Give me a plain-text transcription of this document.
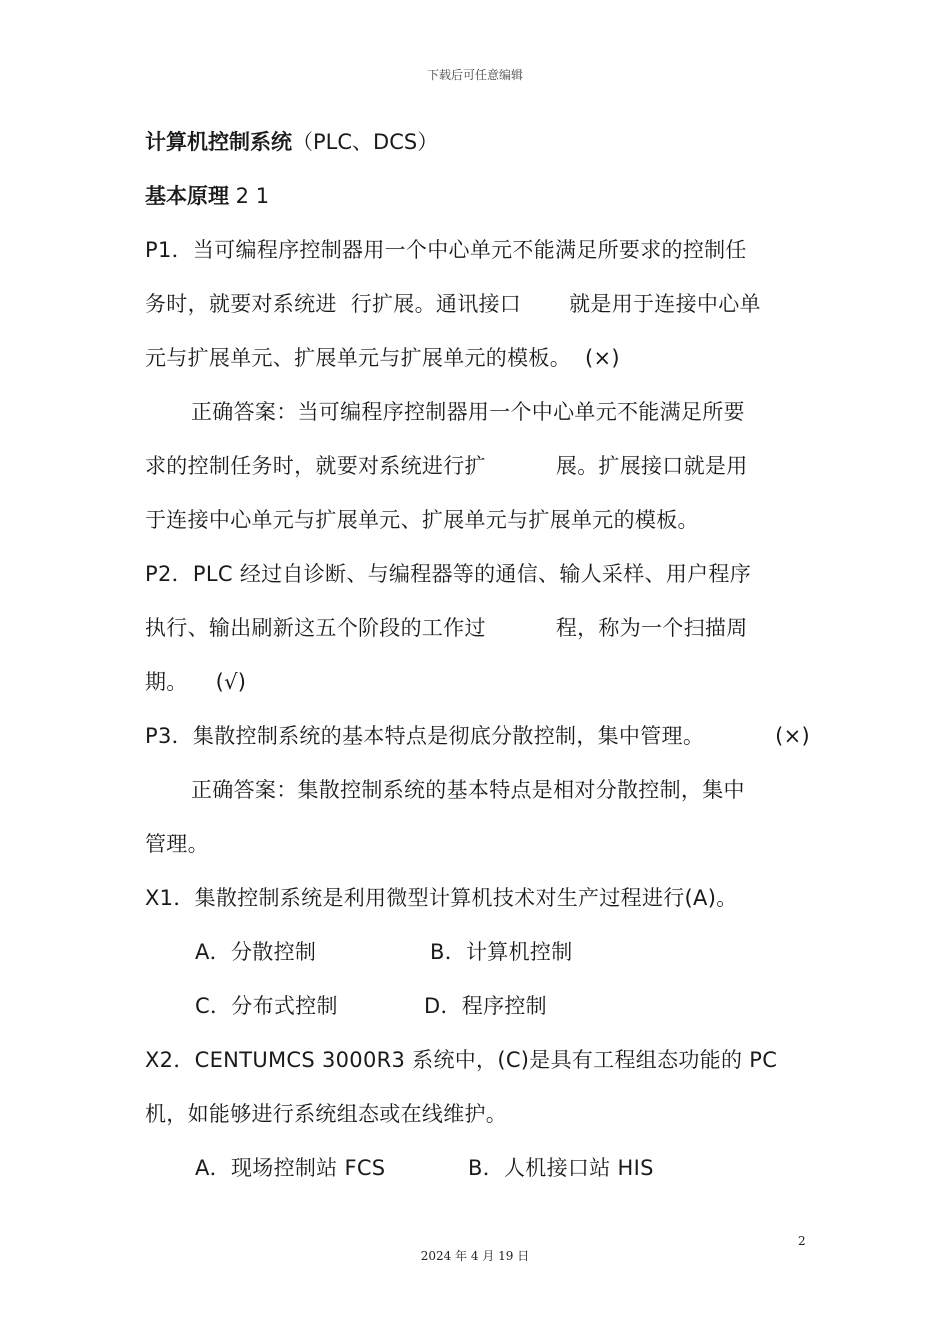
下载后可任意编辑
计算机控制系统（PLC、DCS）
基本原理 2 1
P1．当可编程序控制器用一个中心单元不能满足所要求的控制任
务时，就要对系统进 行扩展。通讯接口 就是用于连接中心单
元与扩展单元、扩展单元与扩展单元的模板。 (×)
正确答案：当可编程序控制器用一个中心单元不能满足所要
求的控制任务时，就要对系统进行扩	展。扩展接口就是用
于连接中心单元与扩展单元、扩展单元与扩展单元的模板。
P2．PLC 经过自诊断、与编程器等的通信、输人采样、用户程序
执行、输出刷新这五个阶段的工作过	程，称为一个扫描周
期。 (√)
P3．集散控制系统的基本特点是彻底分散控制，集中管理。	(×)
正确答案：集散控制系统的基本特点是相对分散控制，集中
管理。
X1．集散控制系统是利用微型计算机技术对生产过程进行(A)。
A．分散控制	B．计算机控制
C．分布式控制	D．程序控制
X2．CENTUMCS 3000R3 系统中，(C)是具有工程组态功能的 PC
机，如能够进行系统组态或在线维护。
A．现场控制站 FCS	B．人机接口站 HIS
2
2024 年 4 月 19 日
